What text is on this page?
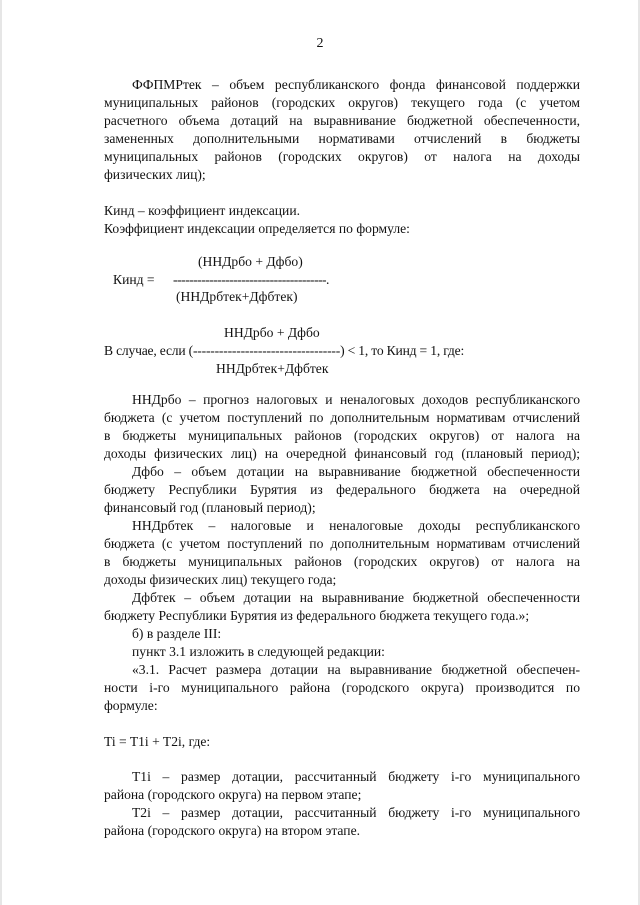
2
ФФПМРтек – объем республиканского фонда финансовой поддержки
муниципальных районов (городских округов) текущего года (с учетом
расчетного объема дотаций на выравнивание бюджетной обеспеченности,
замененных дополнительными нормативами отчислений в бюджеты
муниципальных районов (городских округов) от налога на доходы
физических лиц);
Кинд – коэффициент индексации.
Коэффициент индексации определяется по формуле:
(ННДрбо + Дфбо)
Кинд =	--------------------------------------.
(ННДрбтек+Дфбтек)
ННДрбо + Дфбо
В случае, если (----------------------------------) < 1, то Кинд = 1, где:
ННДрбтек+Дфбтек
ННДрбо – прогноз налоговых и неналоговых доходов республиканского
бюджета (с учетом поступлений по дополнительным нормативам отчислений
в бюджеты муниципальных районов (городских округов) от налога на
доходы физических лиц) на очередной финансовый год (плановый период);
Дфбо – объем дотации на выравнивание бюджетной обеспеченности
бюджету Республики Бурятия из федерального бюджета на очередной
финансовый год (плановый период);
ННДрбтек – налоговые и неналоговые доходы республиканского
бюджета (с учетом поступлений по дополнительным нормативам отчислений
в бюджеты муниципальных районов (городских округов) от налога на
доходы физических лиц) текущего года;
Дфбтек – объем дотации на выравнивание бюджетной обеспеченности
бюджету Республики Бурятия из федерального бюджета текущего года.»;
б) в разделе III:
пункт 3.1 изложить в следующей редакции:
«3.1. Расчет размера дотации на выравнивание бюджетной обеспечен-
ности i-го муниципального района (городского округа) производится по
формуле:
Ti = T1i + T2i, где:
T1i – размер дотации, рассчитанный бюджету i-го муниципального
района (городского округа) на первом этапе;
T2i – размер дотации, рассчитанный бюджету i-го муниципального
района (городского округа) на втором этапе.
